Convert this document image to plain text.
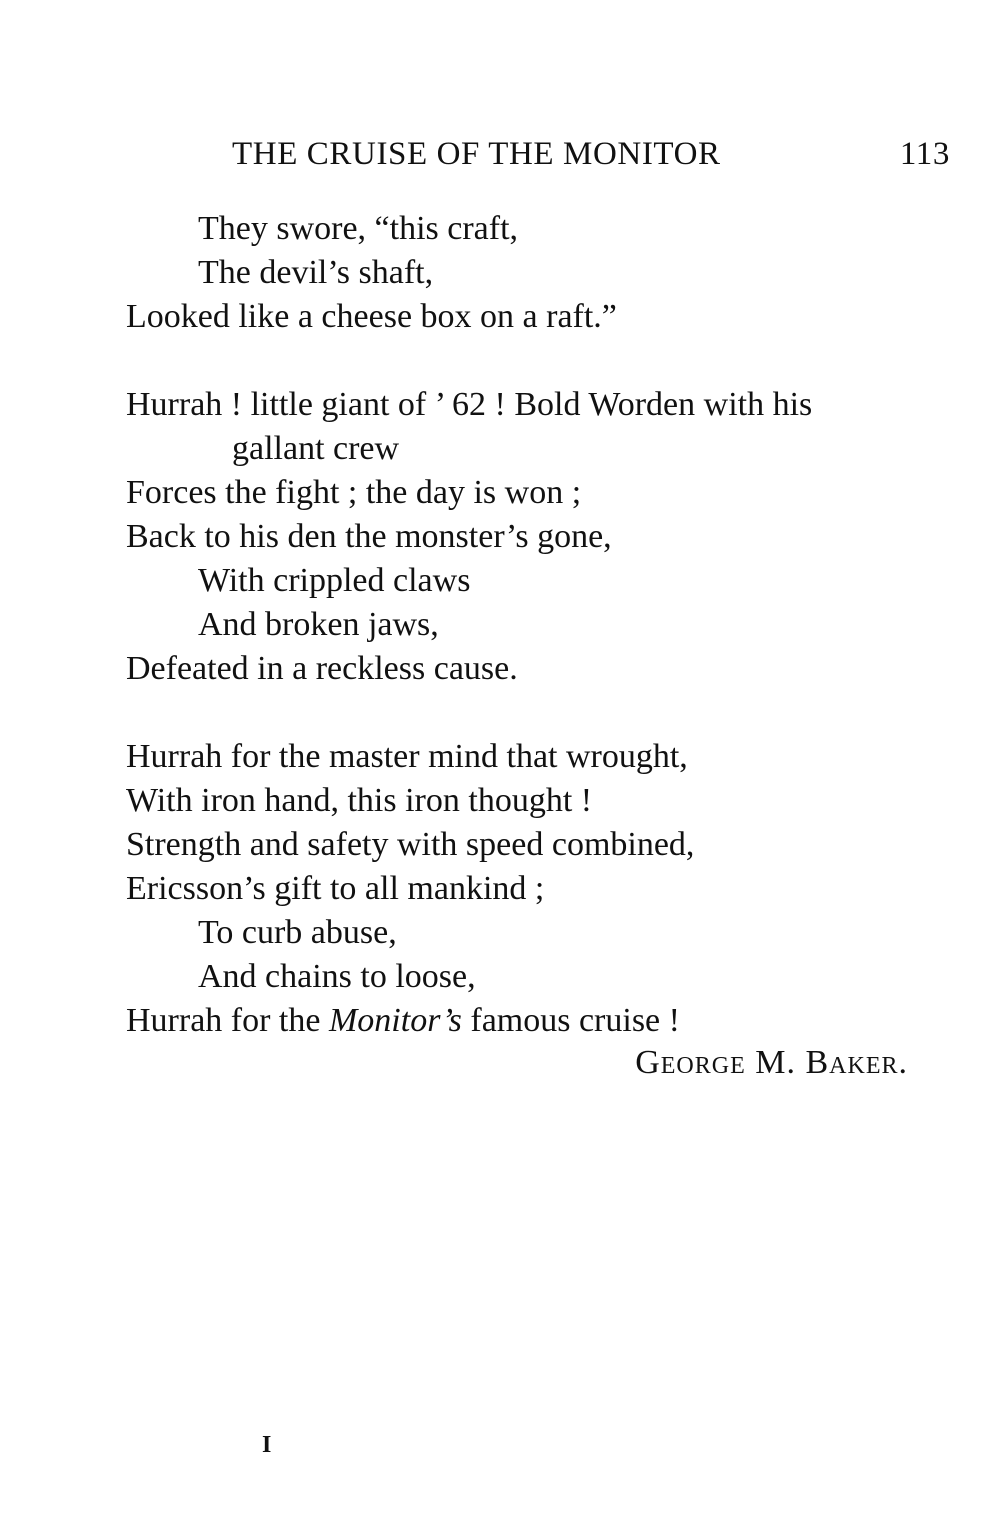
THE CRUISE OF THE MONITOR	113
They swore, “this craft,
The devil’s shaft,
Looked like a cheese box on a raft.”
Hurrah ! little giant of ’ 62 ! Bold Worden with his
gallant crew
Forces the fight ; the day is won ;
Back to his den the monster’s gone,
With crippled claws
And broken jaws,
Defeated in a reckless cause.
Hurrah for the master mind that wrought,
With iron hand, this iron thought !
Strength and safety with speed combined,
Ericsson’s gift to all mankind ;
To curb abuse,
And chains to loose,
Hurrah for the Monitor’s famous cruise !
George M. Baker.
I
